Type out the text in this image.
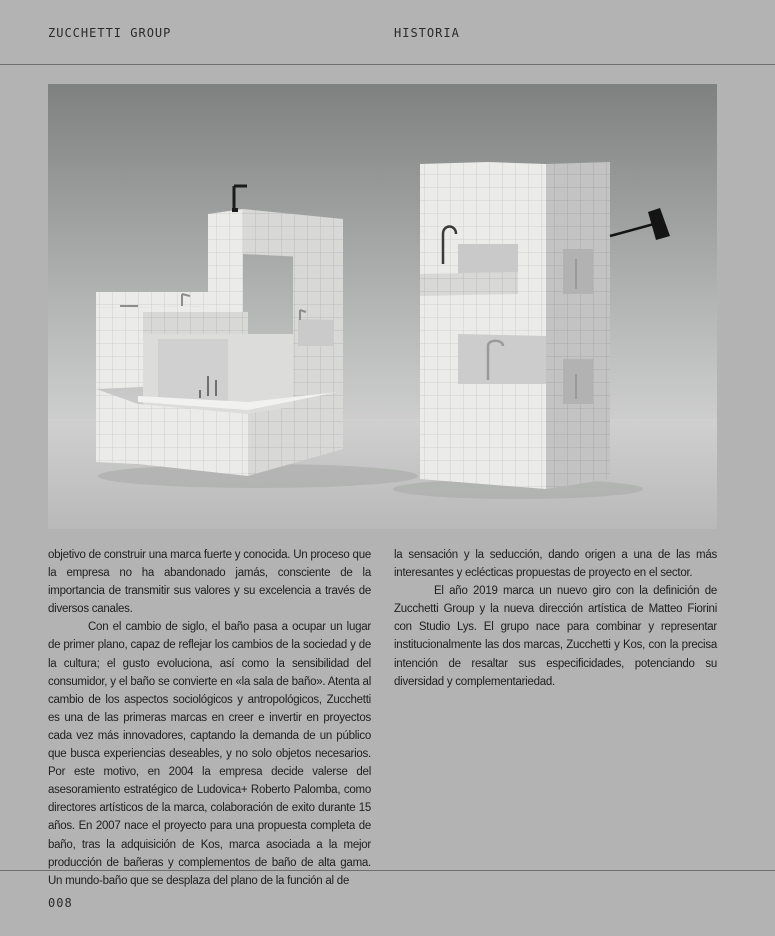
ZUCCHETTI GROUP	HISTORIA

objetivo de construir una marca fuerte y conocida. Un proceso que la empresa no ha abandonado jamás, consciente de la importancia de transmitir sus valores y su excelencia a través de diversos canales.

Con el cambio de siglo, el baño pasa a ocupar un lugar de primer plano, capaz de reflejar los cambios de la sociedad y de la cultura; el gusto evoluciona, así como la sensibilidad del consumidor, y el baño se convierte en «la sala de baño». Atenta al cambio de los aspectos sociológicos y antropológicos, Zucchetti es una de las primeras marcas en creer e invertir en proyectos cada vez más innovadores, captando la demanda de un público que busca experiencias deseables, y no solo objetos necesarios. Por este motivo, en 2004 la empresa decide valerse del asesoramiento estratégico de Ludovica+ Roberto Palomba, como directores artísticos de la marca, colaboración de exito durante 15 años. En 2007 nace el proyecto para una propuesta completa de baño, tras la adquisición de Kos, marca asociada a la mejor producción de bañeras y complementos de baño de alta gama. Un mundo-baño que se desplaza del plano de la función al de

la sensación y la seducción, dando origen a una de las más interesantes y eclécticas propuestas de proyecto en el sector.

El año 2019 marca un nuevo giro con la definición de Zucchetti Group y la nueva dirección artística de Matteo Fiorini con Studio Lys. El grupo nace para combinar y representar institucionalmente las dos marcas, Zucchetti y Kos, con la precisa intención de resaltar sus especificidades, potenciando su diversidad y complementariedad.

008
